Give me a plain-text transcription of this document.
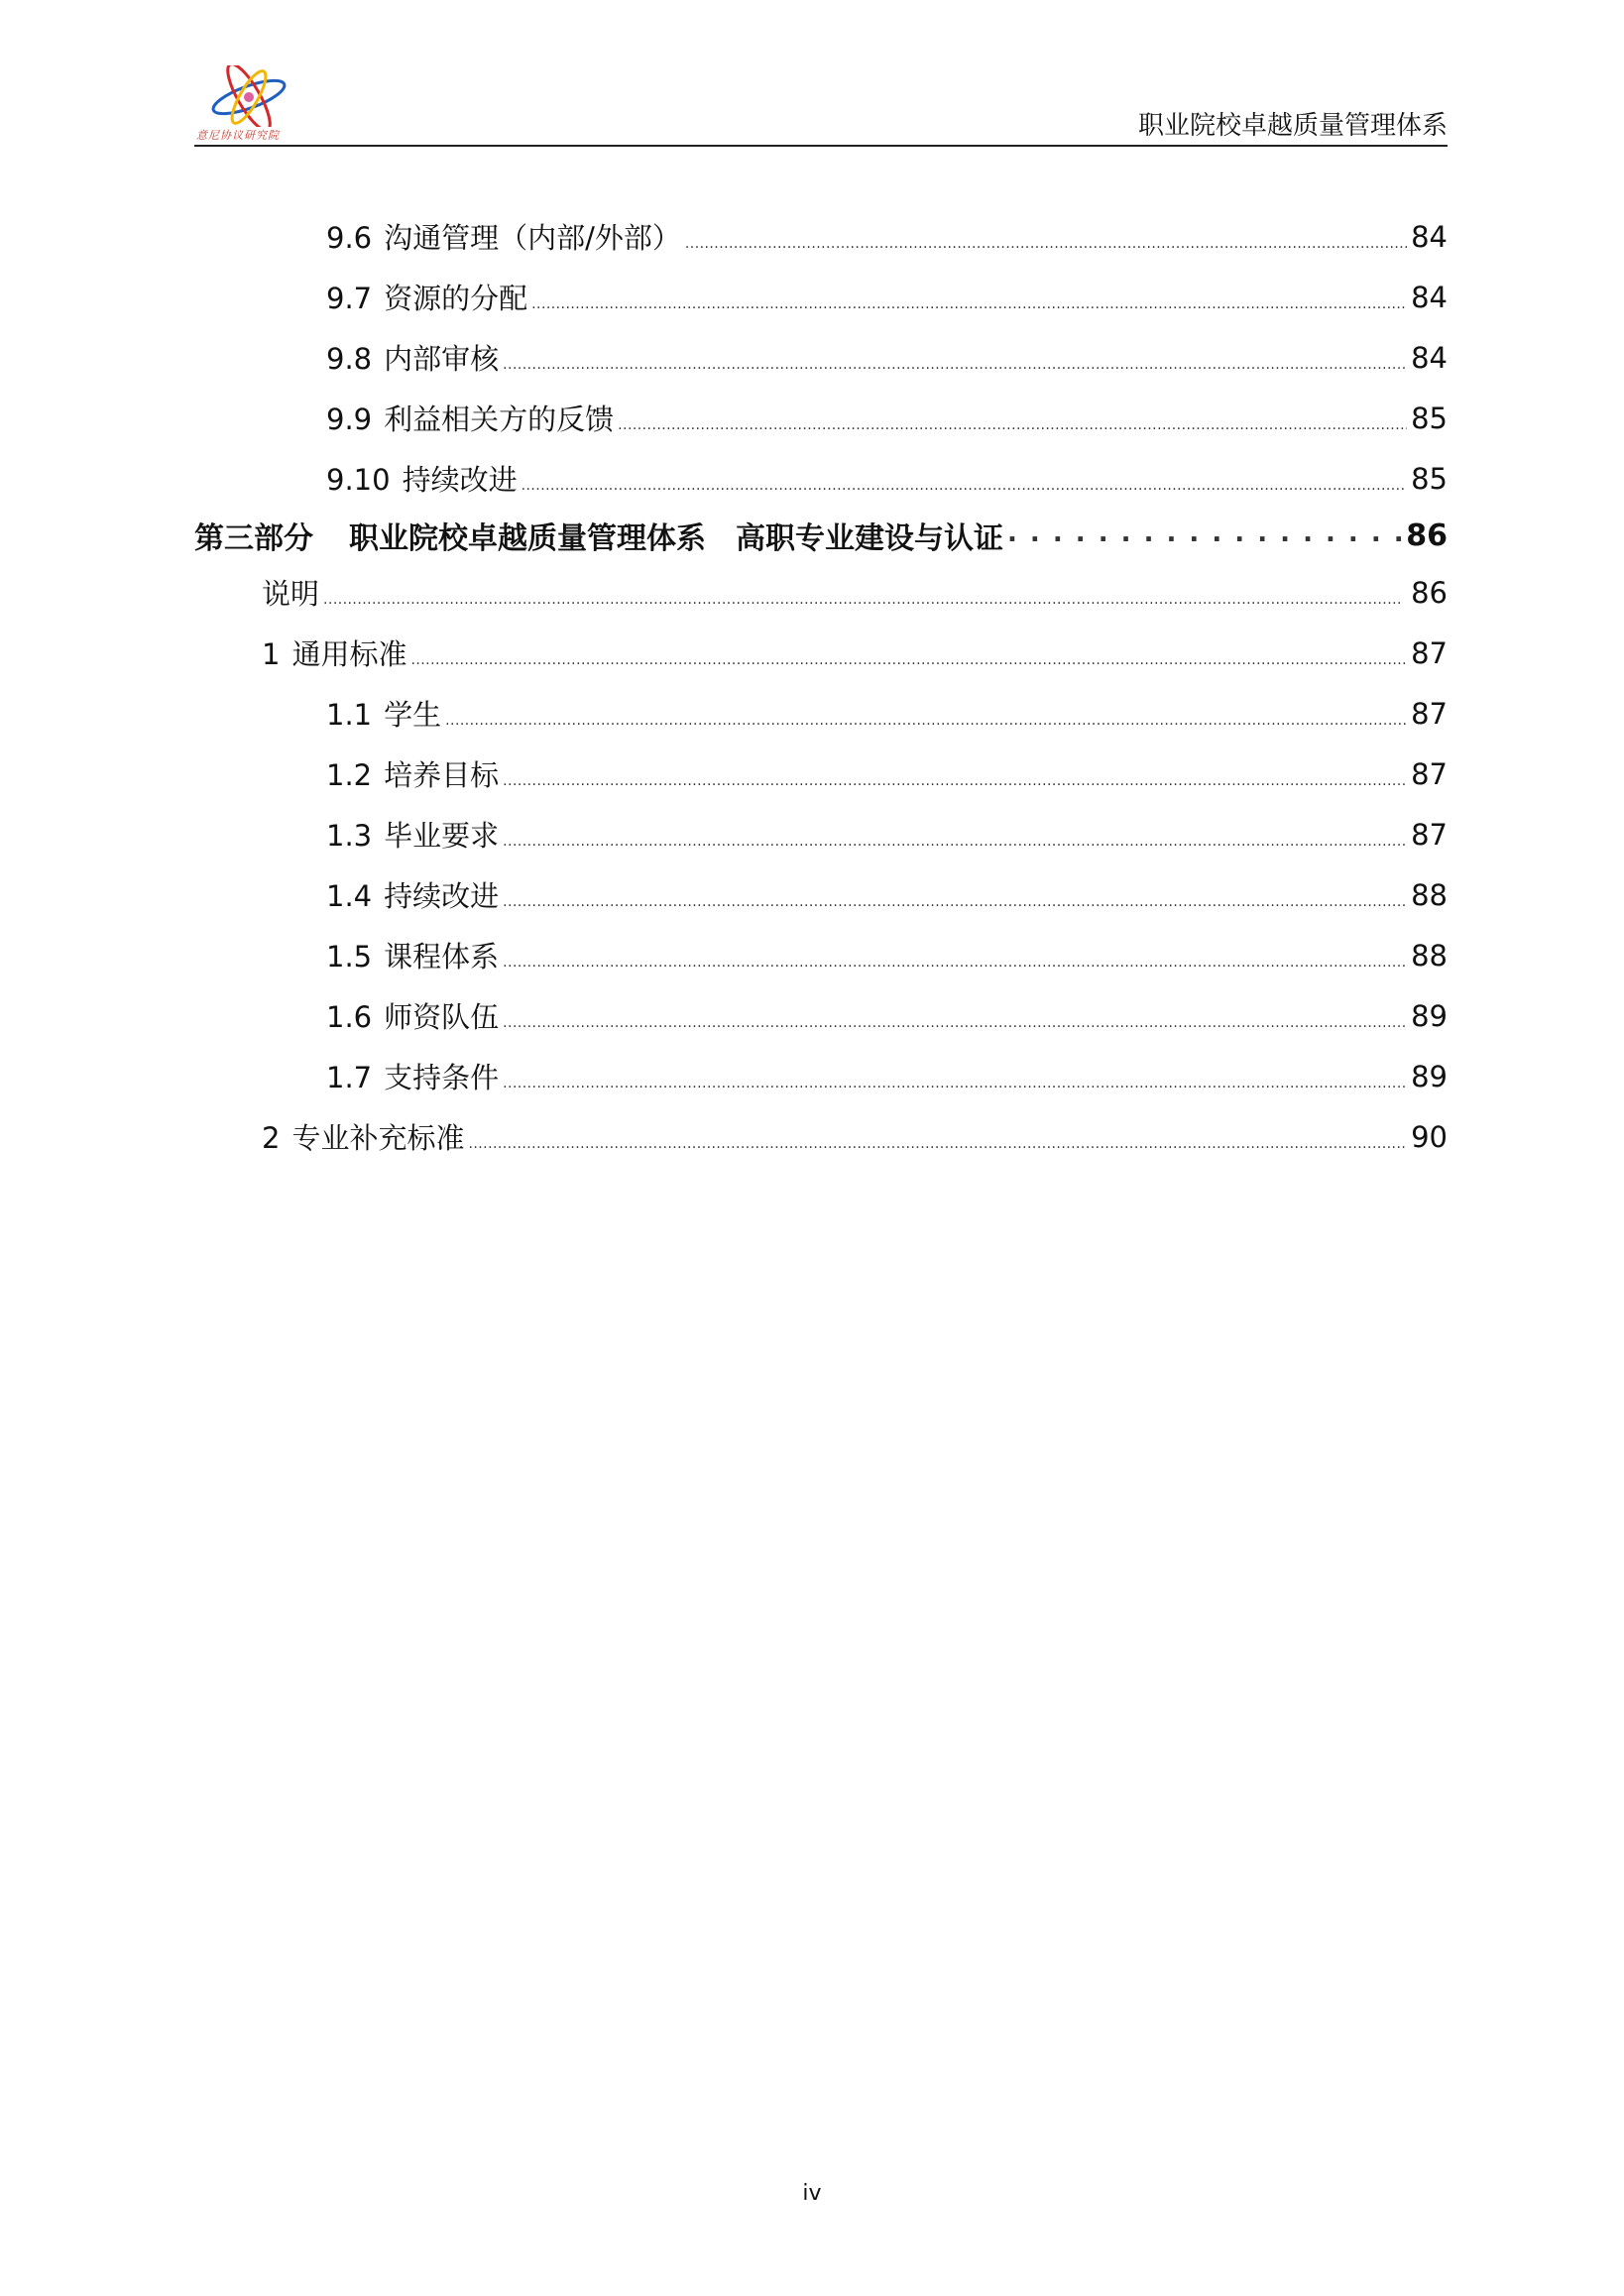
意尼协议研究院	职业院校卓越质量管理体系
9.6 沟通管理（内部/外部） . . .	84
9.7 资源的分配 . . .	84
9.8 内部审核 . . .	84
9.9 利益相关方的反馈 . . .	85
9.10 持续改进 . . .	85
第三部分 职业院校卓越质量管理体系　高职专业建设与认证 . . .	86
说明 . . .	86
1 通用标准 . . .	87
1.1 学生 . . .	87
1.2 培养目标 . . .	87
1.3 毕业要求 . . .	87
1.4 持续改进 . . .	88
1.5 课程体系 . . .	88
1.6 师资队伍 . . .	89
1.7 支持条件 . . .	89
2 专业补充标准 . . .	90
iv
